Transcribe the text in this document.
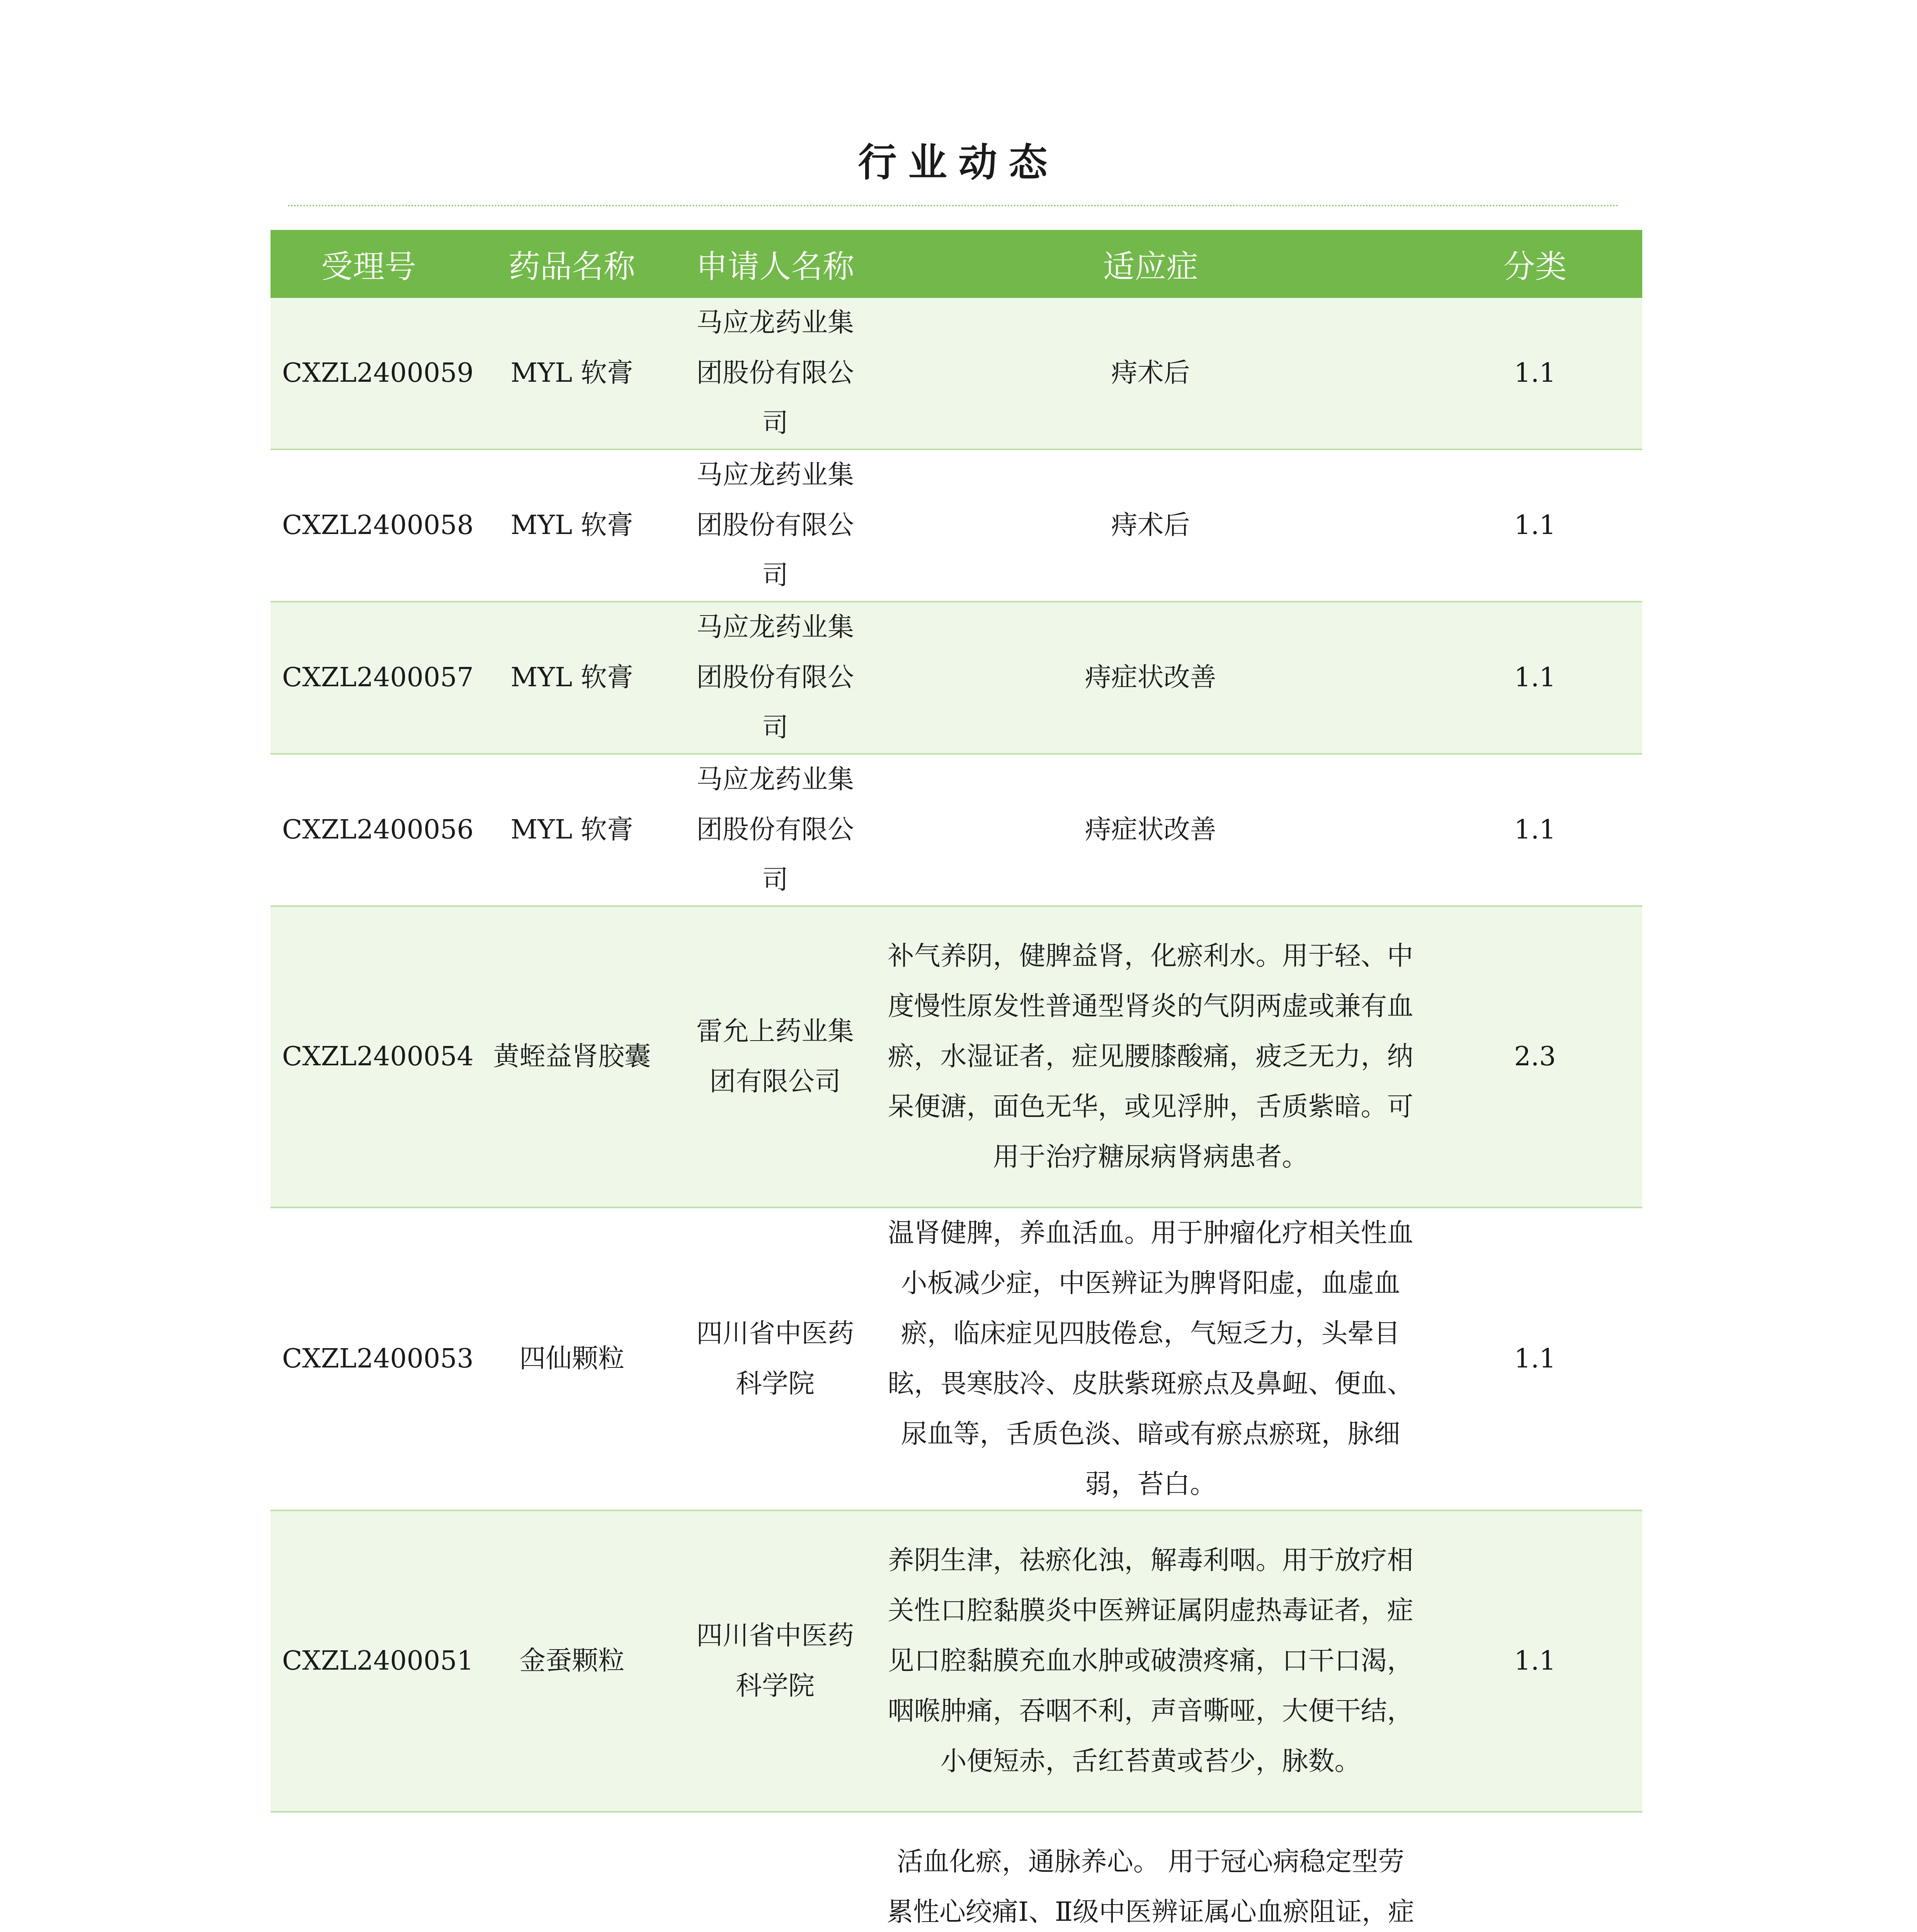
行业动态
受理号	药品名称	申请人名称	适应症	分类
CXZL2400059	MYL 软膏	马应龙药业集团股份有限公司	痔术后	1.1
CXZL2400058	MYL 软膏	马应龙药业集团股份有限公司	痔术后	1.1
CXZL2400057	MYL 软膏	马应龙药业集团股份有限公司	痔症状改善	1.1
CXZL2400056	MYL 软膏	马应龙药业集团股份有限公司	痔症状改善	1.1
CXZL2400054	黄蛭益肾胶囊	雷允上药业集团有限公司	补气养阴，健脾益肾，化瘀利水。用于轻、中度慢性原发性普通型肾炎的气阴两虚或兼有血瘀，水湿证者，症见腰膝酸痛，疲乏无力，纳呆便溏，面色无华，或见浮肿，舌质紫暗。可用于治疗糖尿病肾病患者。	2.3
CXZL2400053	四仙颗粒	四川省中医药科学院	温肾健脾，养血活血。用于肿瘤化疗相关性血小板减少症，中医辨证为脾肾阳虚，血虚血瘀，临床症见四肢倦怠，气短乏力，头晕目眩，畏寒肢冷、皮肤紫斑瘀点及鼻衄、便血、尿血等，舌质色淡、暗或有瘀点瘀斑，脉细弱，苔白。	1.1
CXZL2400051	金蚕颗粒	四川省中医药科学院	养阴生津，祛瘀化浊，解毒利咽。用于放疗相关性口腔黏膜炎中医辨证属阴虚热毒证者，症见口腔黏膜充血水肿或破溃疼痛，口干口渴，咽喉肿痛，吞咽不利，声音嘶哑，大便干结，小便短赤，舌红苔黄或苔少，脉数。	1.1
			活血化瘀，通脉养心。 用于冠心病稳定型劳累性心绞痛Ⅰ、Ⅱ级中医辨证属心血瘀阻证，症	
